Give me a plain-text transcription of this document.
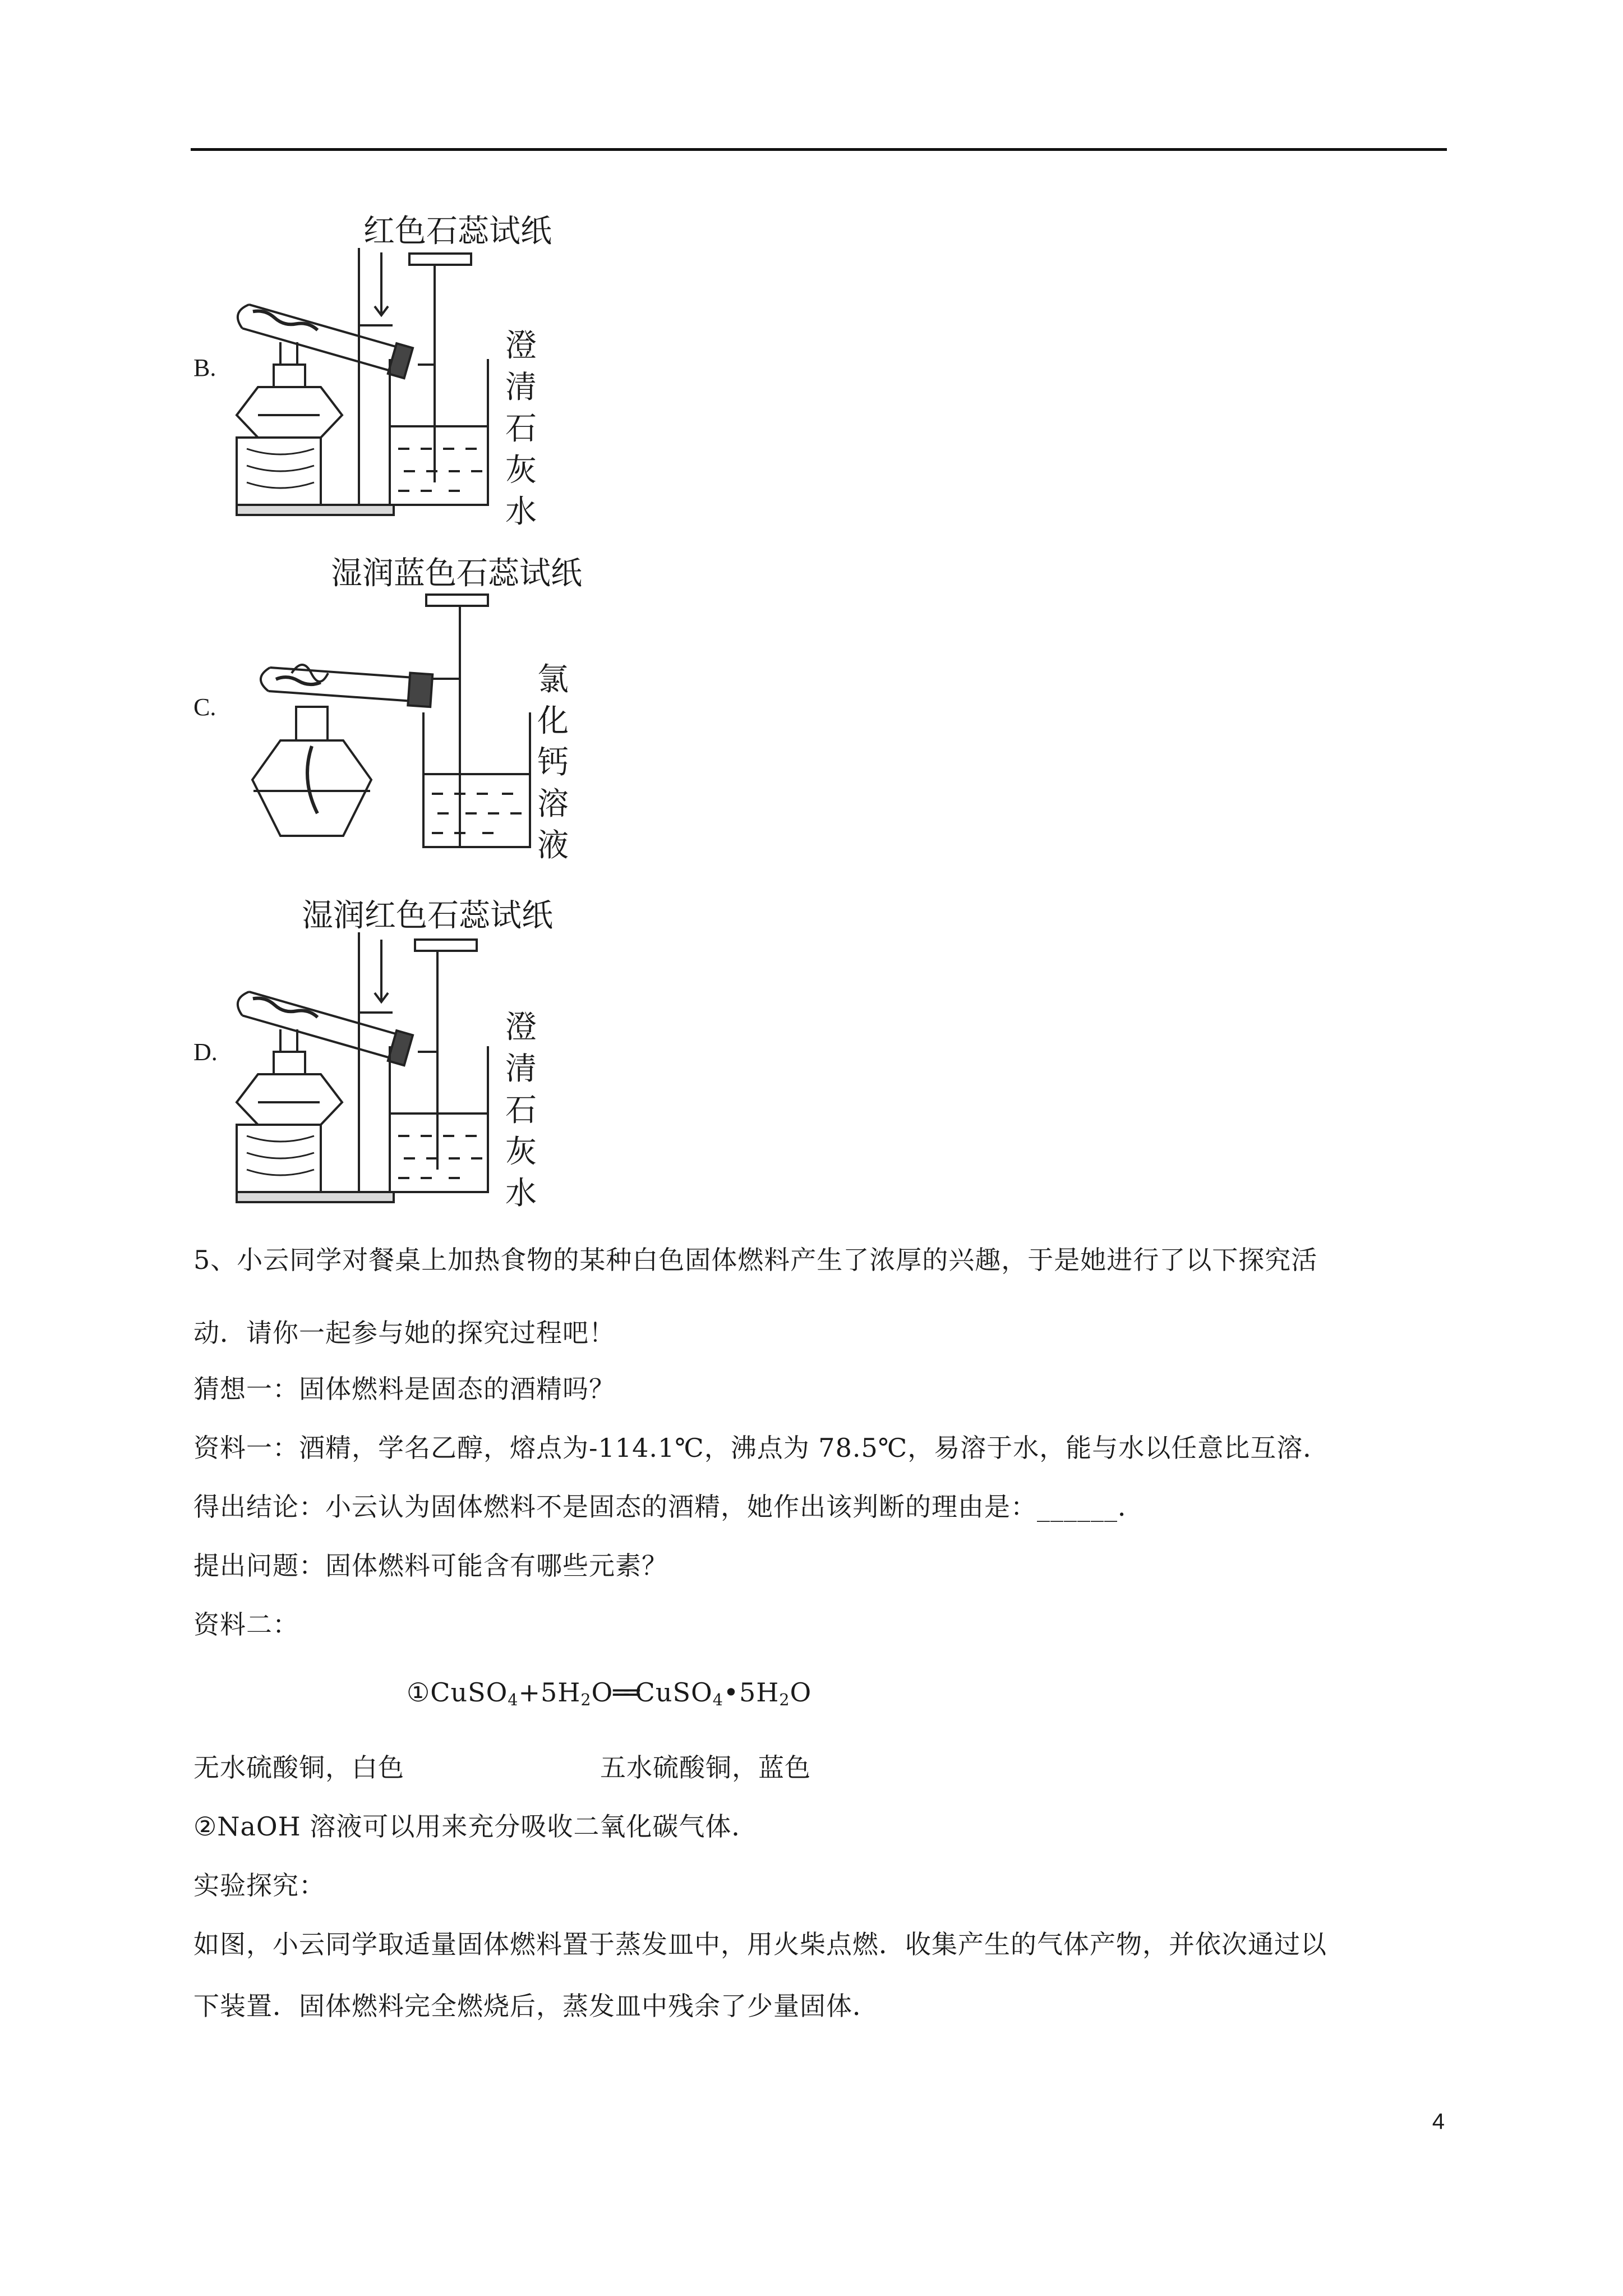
B.
红色石蕊试纸
澄清石灰水
C.
湿润蓝色石蕊试纸
氯化钙溶液
D.
湿润红色石蕊试纸
澄清石灰水
5、小云同学对餐桌上加热食物的某种白色固体燃料产生了浓厚的兴趣，于是她进行了以下探究活
动．请你一起参与她的探究过程吧！
猜想一：固体燃料是固态的酒精吗？
资料一：酒精，学名乙醇，熔点为-114.1℃，沸点为 78.5℃，易溶于水，能与水以任意比互溶．
得出结论：小云认为固体燃料不是固态的酒精，她作出该判断的理由是：______．
提出问题：固体燃料可能含有哪些元素？
资料二：
$①CuSO_4+5H_2O══CuSO_4•5H_2O$
无水硫酸铜，白色	五水硫酸铜，蓝色
②NaOH 溶液可以用来充分吸收二氧化碳气体．
实验探究：
如图，小云同学取适量固体燃料置于蒸发皿中，用火柴点燃．收集产生的气体产物，并依次通过以
下装置．固体燃料完全燃烧后，蒸发皿中残余了少量固体．
4
